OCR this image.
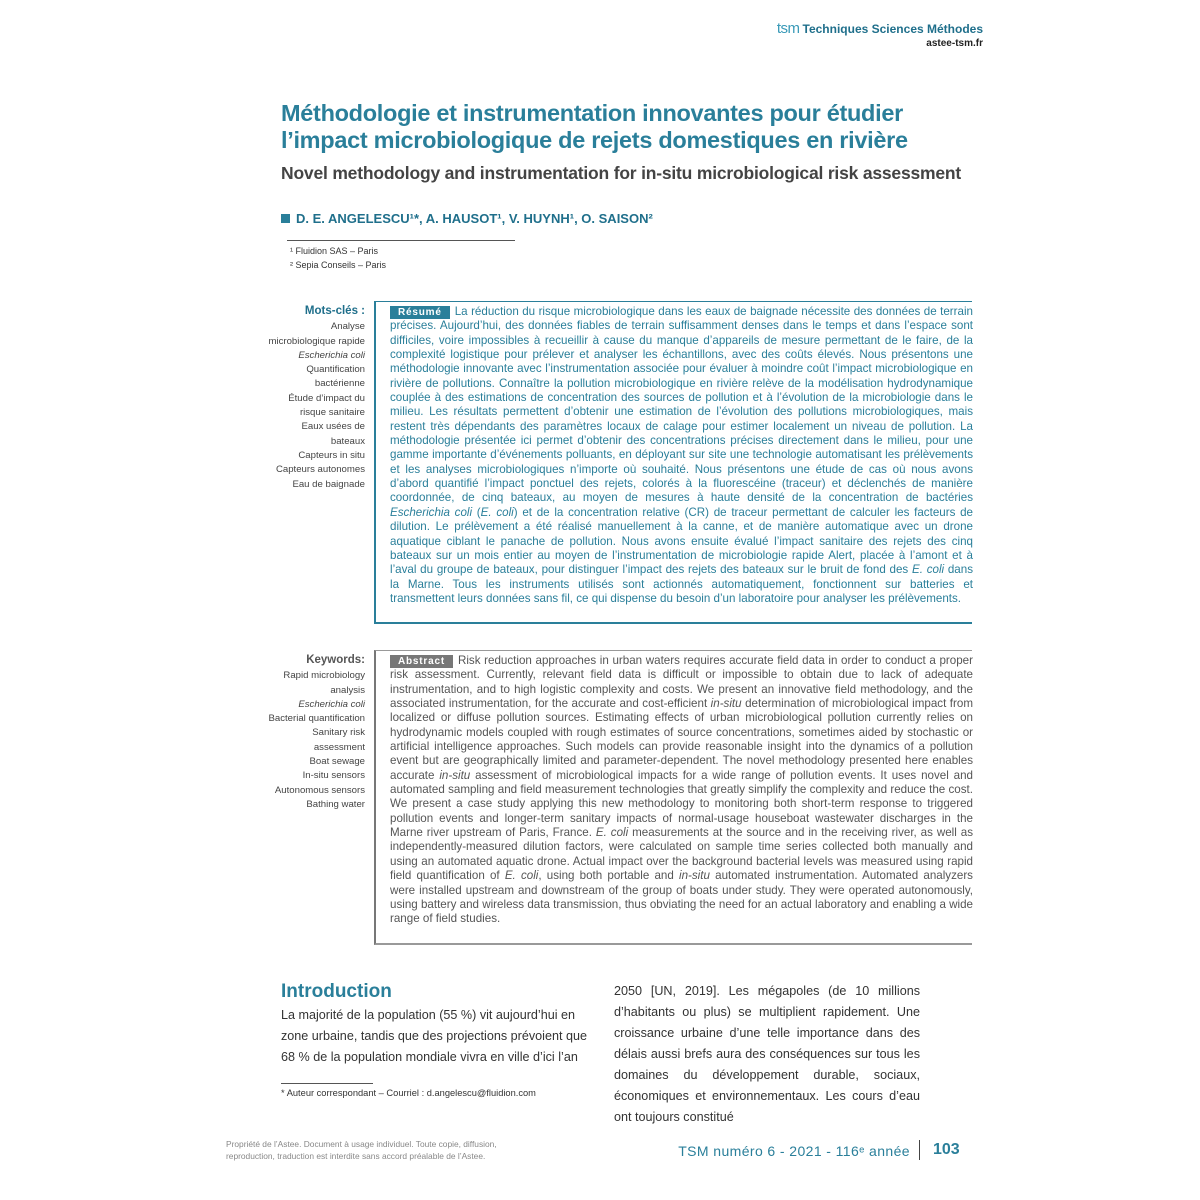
tsm Techniques Sciences Méthodes
astee-tsm.fr
Méthodologie et instrumentation innovantes pour étudier l’impact microbiologique de rejets domestiques en rivière
Novel methodology and instrumentation for in-situ microbiological risk assessment
D. E. ANGELESCU¹*, A. HAUSOT¹, V. HUYNH¹, O. SAISON²
¹ Fluidion SAS – Paris
² Sepia Conseils – Paris
Mots-clés :
Analyse microbiologique rapide
Escherichia coli
Quantification bactérienne
Étude d’impact du risque sanitaire
Eaux usées de bateaux
Capteurs in situ
Capteurs autonomes
Eau de baignade

Résumé La réduction du risque microbiologique dans les eaux de baignade nécessite des données de terrain précises. Aujourd’hui, des données fiables de terrain suffisamment denses dans le temps et dans l’espace sont difficiles, voire impossibles à recueillir à cause du manque d’appareils de mesure permettant de le faire, de la complexité logistique pour prélever et analyser les échantillons, avec des coûts élevés. Nous présentons une méthodologie innovante avec l’instrumentation associée pour évaluer à moindre coût l’impact microbiologique en rivière de pollutions. Connaître la pollution microbiologique en rivière relève de la modélisation hydrodynamique couplée à des estimations de concentration des sources de pollution et à l’évolution de la microbiologie dans le milieu. Les résultats permettent d’obtenir une estimation de l’évolution des pollutions microbiologiques, mais restent très dépendants des paramètres locaux de calage pour estimer localement un niveau de pollution. La méthodologie présentée ici permet d’obtenir des concentrations précises directement dans le milieu, pour une gamme importante d’événements polluants, en déployant sur site une technologie automatisant les prélèvements et les analyses microbiologiques n’importe où souhaité. Nous présentons une étude de cas où nous avons d’abord quantifié l’impact ponctuel des rejets, colorés à la fluorescéine (traceur) et déclenchés de manière coordonnée, de cinq bateaux, au moyen de mesures à haute densité de la concentration de bactéries Escherichia coli (E. coli) et de la concentration relative (CR) de traceur permettant de calculer les facteurs de dilution. Le prélèvement a été réalisé manuellement à la canne, et de manière automatique avec un drone aquatique ciblant le panache de pollution. Nous avons ensuite évalué l’impact sanitaire des rejets des cinq bateaux sur un mois entier au moyen de l’instrumentation de microbiologie rapide Alert, placée à l’amont et à l’aval du groupe de bateaux, pour distinguer l’impact des rejets des bateaux sur le bruit de fond des E. coli dans la Marne. Tous les instruments utilisés sont actionnés automatiquement, fonctionnent sur batteries et transmettent leurs données sans fil, ce qui dispense du besoin d’un laboratoire pour analyser les prélèvements.

Keywords:
Rapid microbiology analysis
Escherichia coli
Bacterial quantification
Sanitary risk assessment
Boat sewage
In-situ sensors
Autonomous sensors
Bathing water

Abstract Risk reduction approaches in urban waters requires accurate field data in order to conduct a proper risk assessment. Currently, relevant field data is difficult or impossible to obtain due to lack of adequate instrumentation, and to high logistic complexity and costs. We present an innovative field methodology, and the associated instrumentation, for the accurate and cost-efficient in-situ determination of microbiological impact from localized or diffuse pollution sources. Estimating effects of urban microbiological pollution currently relies on hydrodynamic models coupled with rough estimates of source concentrations, sometimes aided by stochastic or artificial intelligence approaches. Such models can provide reasonable insight into the dynamics of a pollution event but are geographically limited and parameter-dependent. The novel methodology presented here enables accurate in-situ assessment of microbiological impacts for a wide range of pollution events. It uses novel and automated sampling and field measurement technologies that greatly simplify the complexity and reduce the cost. We present a case study applying this new methodology to monitoring both short-term response to triggered pollution events and longer-term sanitary impacts of normal-usage houseboat wastewater discharges in the Marne river upstream of Paris, France. E. coli measurements at the source and in the receiving river, as well as independently-measured dilution factors, were calculated on sample time series collected both manually and using an automated aquatic drone. Actual impact over the background bacterial levels was measured using rapid field quantification of E. coli, using both portable and in-situ automated instrumentation. Automated analyzers were installed upstream and downstream of the group of boats under study. They were operated autonomously, using battery and wireless data transmission, thus obviating the need for an actual laboratory and enabling a wide range of field studies.

Introduction

La majorité de la population (55 %) vit aujourd’hui en zone urbaine, tandis que des projections prévoient que 68 % de la population mondiale vivra en ville d’ici l’an

2050 [UN, 2019]. Les mégapoles (de 10 millions d’habitants ou plus) se multiplient rapidement. Une croissance urbaine d’une telle importance dans des délais aussi brefs aura des conséquences sur tous les domaines du développement durable, sociaux, économiques et environnementaux. Les cours d’eau ont toujours constitué

* Auteur correspondant – Courriel : d.angelescu@fluidion.com
Propriété de l’Astee. Document à usage individuel. Toute copie, diffusion, reproduction, traduction est interdite sans accord préalable de l’Astee.	TSM numéro 6 - 2021 - 116ᵉ année 103
